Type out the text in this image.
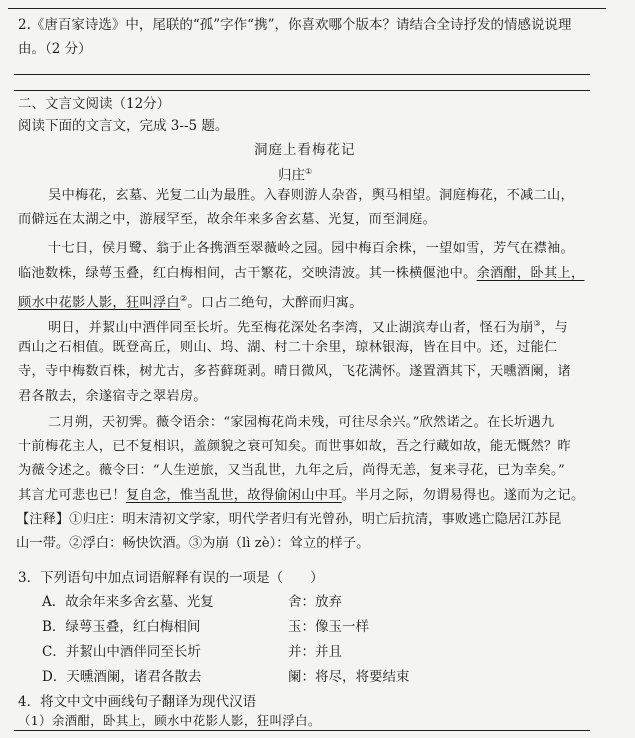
2.《唐百家诗选》中，尾联的“孤”字作“携”，你喜欢哪个版本？请结合全诗抒发的情感说说理
由。（2 分）
二、文言文阅读（12分）
阅读下面的文言文，完成 3--5 题。
洞庭上看梅花记
归庄①
吴中梅花，玄墓、光复二山为最胜。入春则游人杂沓，舆马相望。洞庭梅花，不减二山，
而僻远在太湖之中，游屐罕至，故余年来多舍玄墓、光复，而至洞庭。
十七日，侯月鹭、翁于止各携酒至翠薇岭之园。园中梅百余株，一望如雪，芳气在襟袖。
临池数株，绿萼玉叠，红白梅相间，古干繁花，交映清波。其一株横偃池中。余酒酣，卧其上，
顾水中花影人影，狂叫浮白②。口占二绝句，大醉而归寓。
明日，并絜山中酒伴同至长圻。先至梅花深处名李湾，又止湖滨寿山者，怪石为崩③，与
西山之石相值。既登高丘，则山、坞、湖、村二十余里，琼林银海，皆在目中。还，过能仁
寺，寺中梅数百株，树尤古，多苔藓斑剥。晴日微风，飞花满怀。遂置酒其下，天曛酒阑，诸
君各散去，余遂宿寺之翠岩房。
二月朔，天初霁。薇令语余：“家园梅花尚未残，可往尽余兴。”欣然诺之。在长圻遇九
十前梅花主人，已不复相识，盖颜貌之衰可知矣。而世事如故，吾之行藏如故，能无慨然？昨
为薇令述之。薇令曰：“人生逆旅，又当乱世，九年之后，尚得无恙，复来寻花，已为幸矣。”
其言尤可悲也已！复自念，惟当乱世，故得偷闲山中耳。半月之际，勿谓易得也。遂而为之记。
【注释】①归庄：明末清初文学家，明代学者归有光曾孙，明亡后抗清，事败逃亡隐居江苏昆
山一带。②浮白：畅快饮酒。③为崩（lì zè）：耸立的样子。
3．下列语句中加点词语解释有误的一项是（　　）
A．故余年来多舍玄墓、光复	舍：放弃
B．绿萼玉叠，红白梅相间	玉：像玉一样
C．并絜山中酒伴同至长圻	并：并且
D．天曛酒阑，诸君各散去	阑：将尽，将要结束
4．将文中文中画线句子翻译为现代汉语
（1）余酒酣，卧其上，顾水中花影人影，狂叫浮白。
